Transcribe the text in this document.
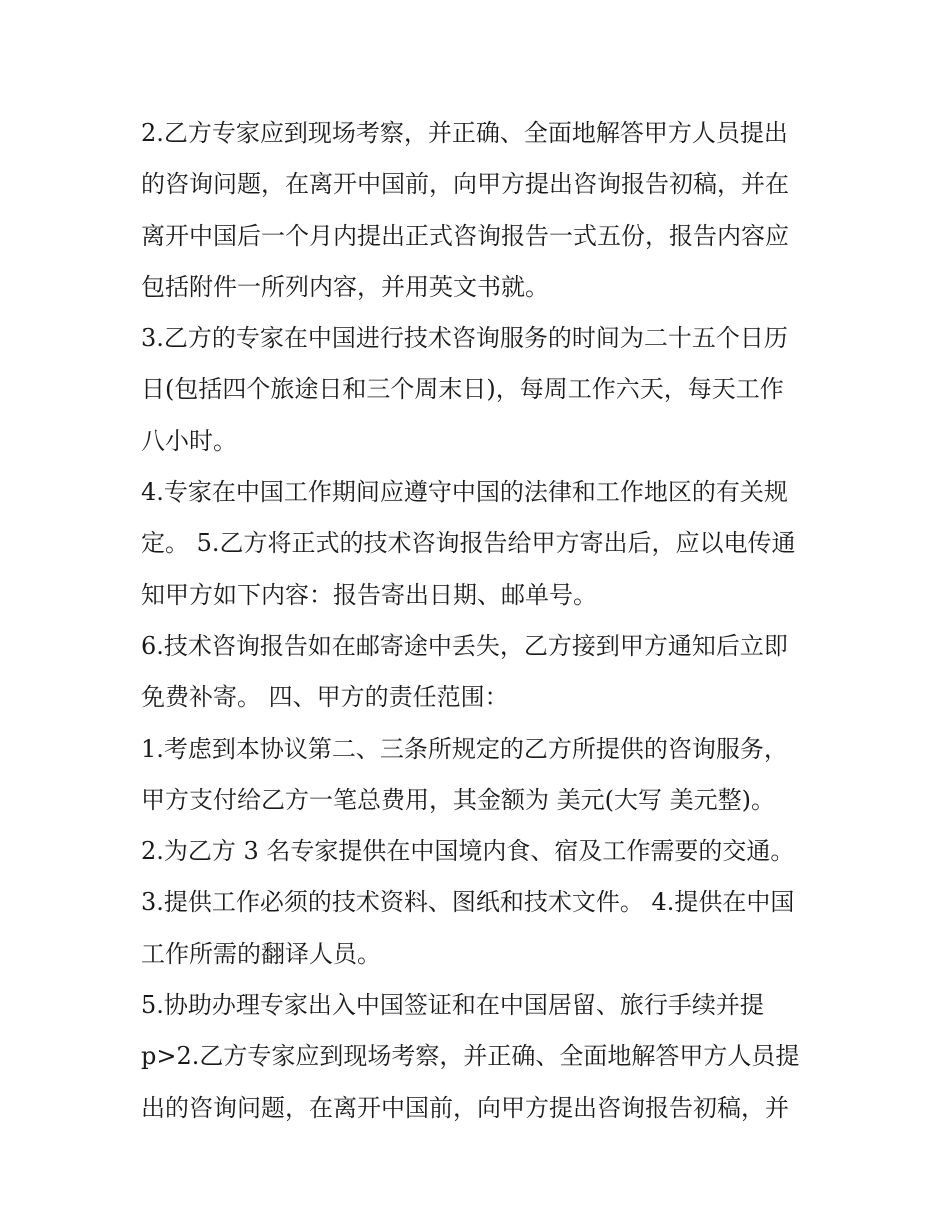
2.乙方专家应到现场考察，并正确、全面地解答甲方人员提出
的咨询问题，在离开中国前，向甲方提出咨询报告初稿，并在
离开中国后一个月内提出正式咨询报告一式五份，报告内容应
包括附件一所列内容，并用英文书就。
3.乙方的专家在中国进行技术咨询服务的时间为二十五个日历
日(包括四个旅途日和三个周末日)，每周工作六天，每天工作
八小时。
4.专家在中国工作期间应遵守中国的法律和工作地区的有关规
定。 5.乙方将正式的技术咨询报告给甲方寄出后，应以电传通
知甲方如下内容：报告寄出日期、邮单号。
6.技术咨询报告如在邮寄途中丢失，乙方接到甲方通知后立即
免费补寄。 四、甲方的责任范围：
1.考虑到本协议第二、三条所规定的乙方所提供的咨询服务，
甲方支付给乙方一笔总费用，其金额为 美元(大写 美元整)。
2.为乙方 3 名专家提供在中国境内食、宿及工作需要的交通。
3.提供工作必须的技术资料、图纸和技术文件。 4.提供在中国
工作所需的翻译人员。
5.协助办理专家出入中国签证和在中国居留、旅行手续并提
p>2.乙方专家应到现场考察，并正确、全面地解答甲方人员提
出的咨询问题，在离开中国前，向甲方提出咨询报告初稿，并
